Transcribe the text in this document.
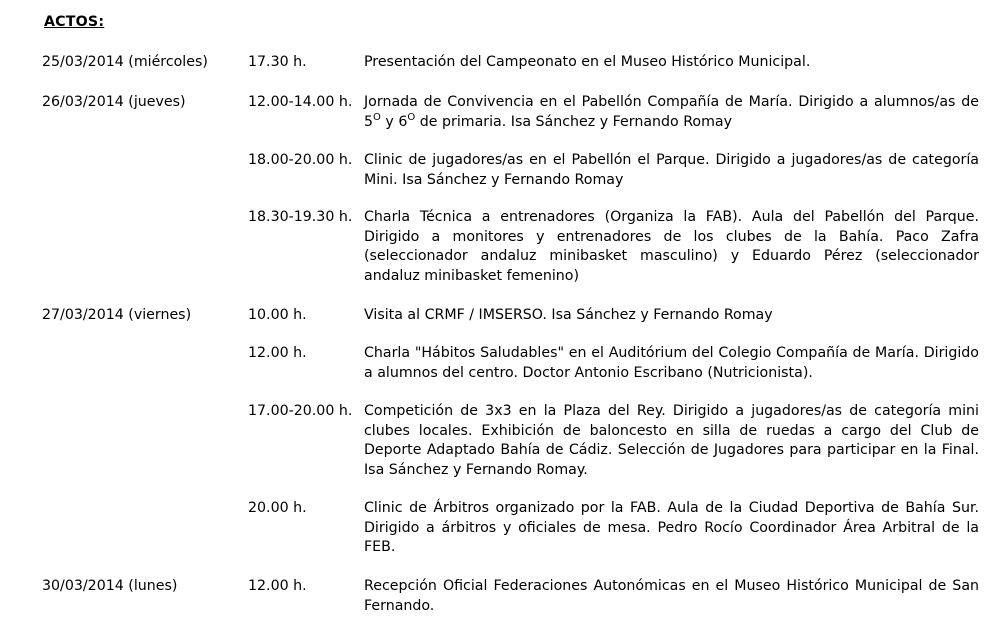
ACTOS:
25/03/2014 (miércoles)	17.30 h.	Presentación del Campeonato en el Museo Histórico Municipal.
26/03/2014 (jueves)	12.00-14.00 h. Jornada de Convivencia en el Pabellón Compañía de María. Dirigido a alumnos/as de
$5^O$ y $6^O$ de primaria. Isa Sánchez y Fernando Romay
18.00-20.00 h. Clinic de jugadores/as en el Pabellón el Parque. Dirigido a jugadores/as de categoría
Mini. Isa Sánchez y Fernando Romay
18.30-19.30 h. Charla Técnica a entrenadores (Organiza la FAB). Aula del Pabellón del Parque.
Dirigido a monitores y entrenadores de los clubes de la Bahía. Paco Zafra
(seleccionador andaluz minibasket masculino) y Eduardo Pérez (seleccionador
andaluz minibasket femenino)
27/03/2014 (viernes)	10.00 h.	Visita al CRMF / IMSERSO. Isa Sánchez y Fernando Romay
12.00 h.	Charla "Hábitos Saludables" en el Auditórium del Colegio Compañía de María. Dirigido
a alumnos del centro. Doctor Antonio Escribano (Nutricionista).
17.00-20.00 h. Competición de 3x3 en la Plaza del Rey. Dirigido a jugadores/as de categoría mini
clubes locales. Exhibición de baloncesto en silla de ruedas a cargo del Club de
Deporte Adaptado Bahía de Cádiz. Selección de Jugadores para participar en la Final.
Isa Sánchez y Fernando Romay.
20.00 h.	Clinic de Árbitros organizado por la FAB. Aula de la Ciudad Deportiva de Bahía Sur.
Dirigido a árbitros y oficiales de mesa. Pedro Rocío Coordinador Área Arbitral de la
FEB.
30/03/2014 (lunes)	12.00 h.	Recepción Oficial Federaciones Autonómicas en el Museo Histórico Municipal de San
Fernando.
